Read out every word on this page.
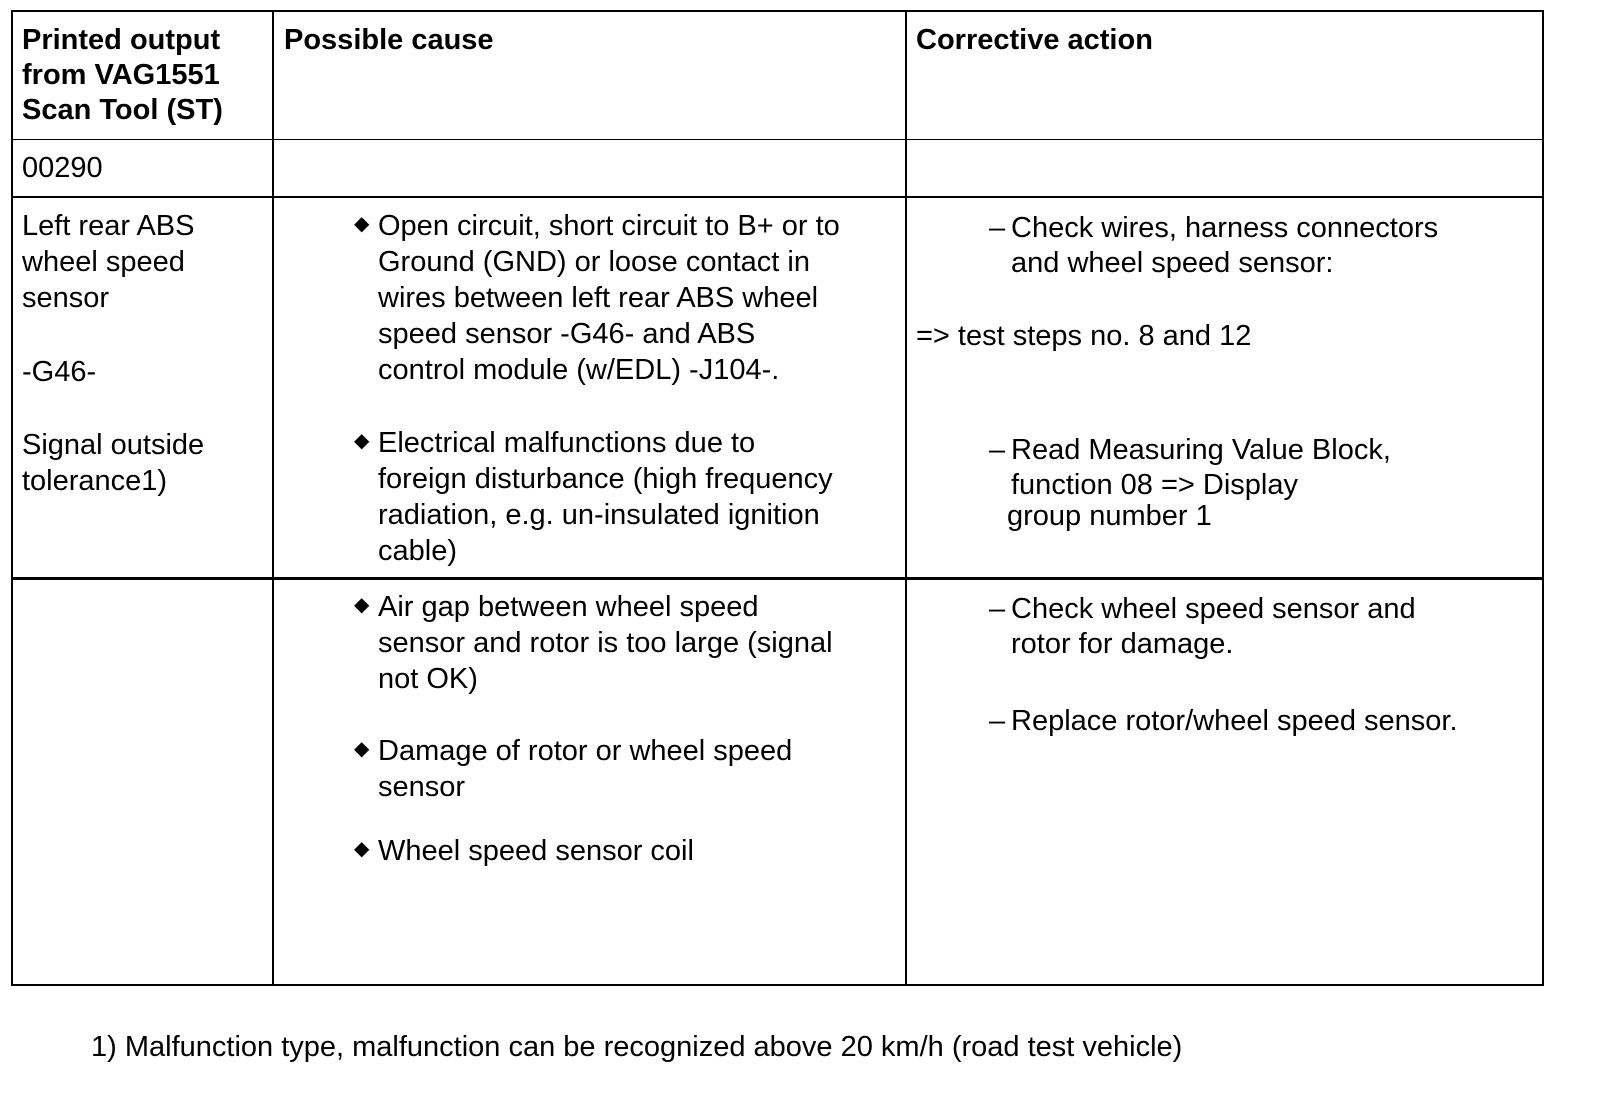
Printed output
from VAG1551
Scan Tool (ST)
Possible cause	Corrective action
00290
Left rear ABS
wheel speed
sensor
-G46-
Signal outside
tolerance1)
◆ Open circuit, short circuit to B+ or to
Ground (GND) or loose contact in
wires between left rear ABS wheel
speed sensor -G46- and ABS
control module (w/EDL) -J104-.
◆ Electrical malfunctions due to
foreign disturbance (high frequency
radiation, e.g. un-insulated ignition
cable)
– Check wires, harness connectors
and wheel speed sensor:
=> test steps no. 8 and 12
– Read Measuring Value Block,
function 08 => Display
group number 1
◆ Air gap between wheel speed
sensor and rotor is too large (signal
not OK)
◆ Damage of rotor or wheel speed
sensor
◆ Wheel speed sensor coil
– Check wheel speed sensor and
rotor for damage.
– Replace rotor/wheel speed sensor.
1) Malfunction type, malfunction can be recognized above 20 km/h (road test vehicle)
